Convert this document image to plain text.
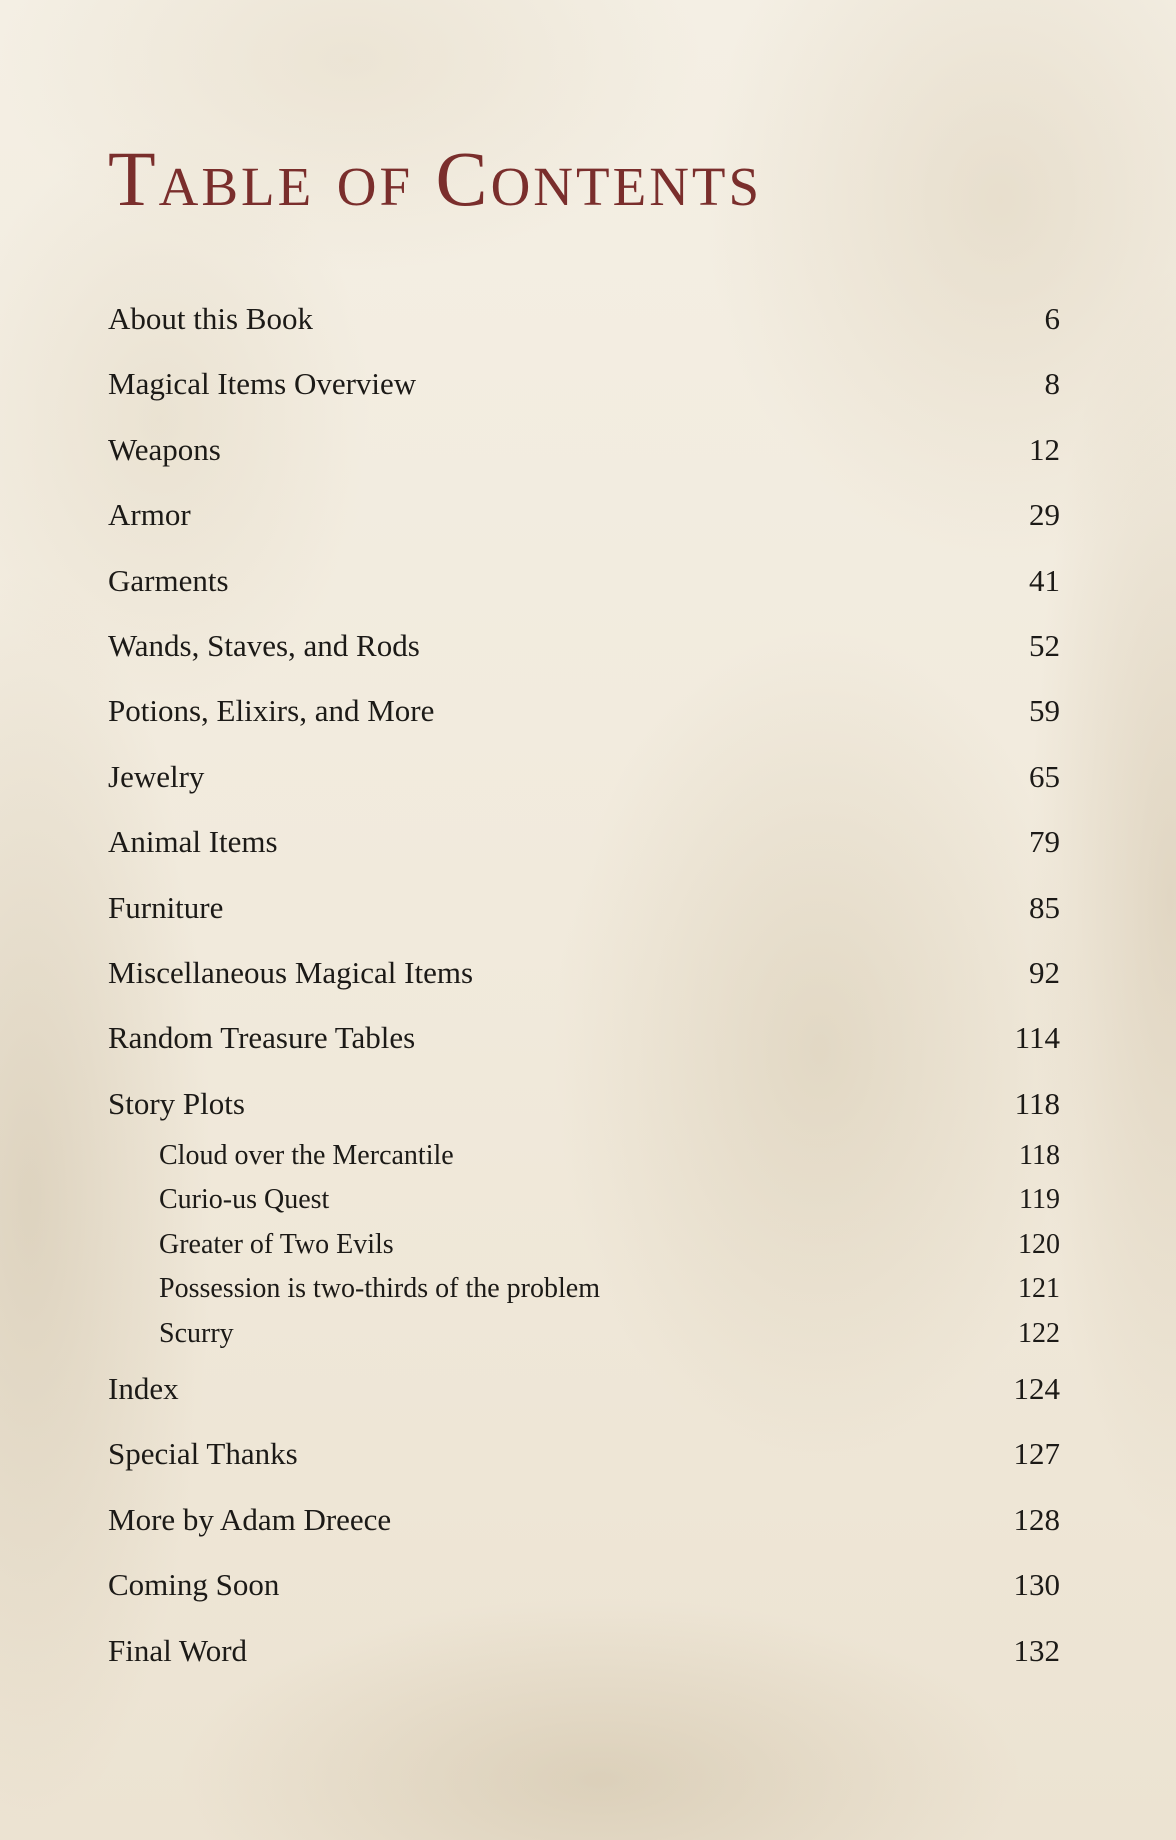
Table of Contents
About this Book	6
Magical Items Overview	8
Weapons	12
Armor	29
Garments	41
Wands, Staves, and Rods	52
Potions, Elixirs, and More	59
Jewelry	65
Animal Items	79
Furniture	85
Miscellaneous Magical Items	92
Random Treasure Tables	114
Story Plots	118
Cloud over the Mercantile	118
Curio-us Quest	119
Greater of Two Evils	120
Possession is two-thirds of the problem	121
Scurry	122
Index	124
Special Thanks	127
More by Adam Dreece	128
Coming Soon	130
Final Word	132
